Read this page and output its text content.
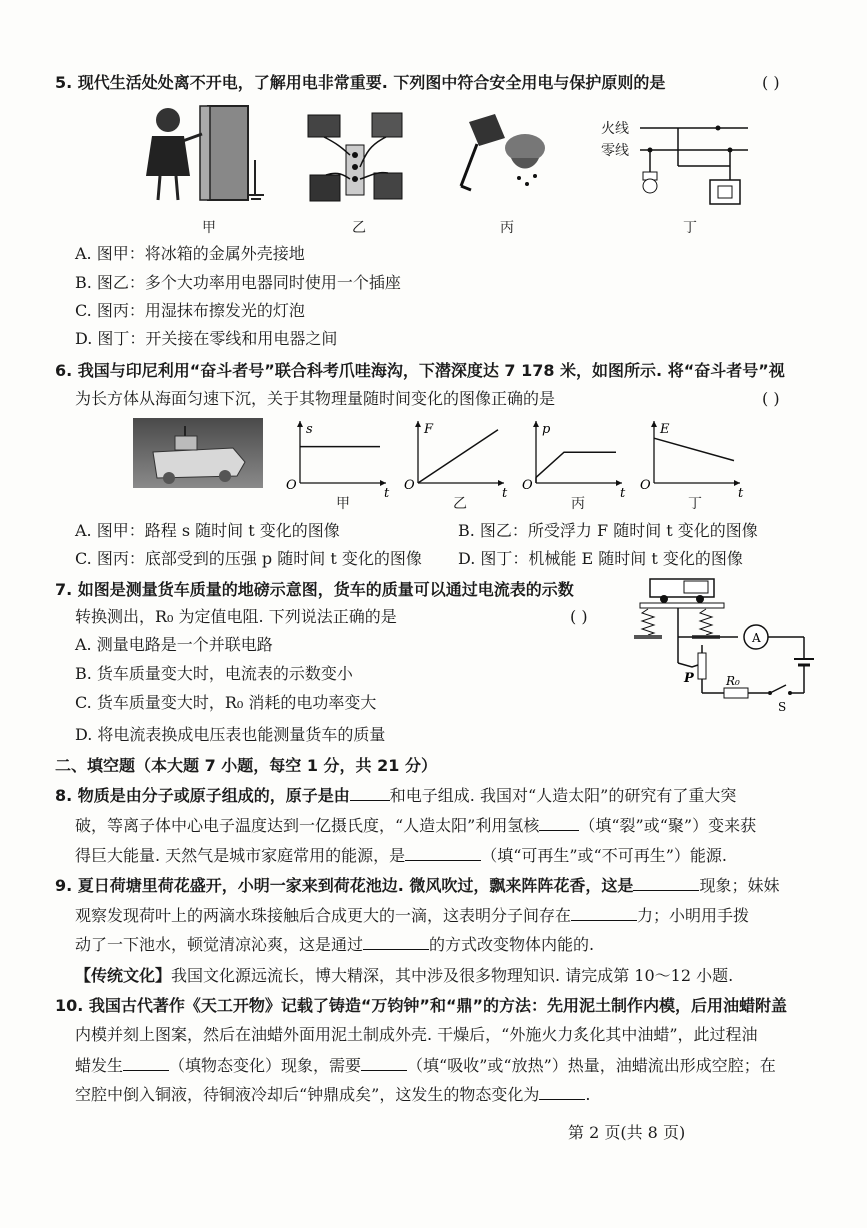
5. 现代生活处处离不开电，了解用电非常重要. 下列图中符合安全用电与保护原则的是	( )
甲	乙	丙
火线
零线
丁
A. 图甲：将冰箱的金属外壳接地
B. 图乙：多个大功率用电器同时使用一个插座
C. 图丙：用湿抹布擦发光的灯泡
D. 图丁：开关接在零线和用电器之间
6. 我国与印尼利用“奋斗者号”联合科考爪哇海沟，下潜深度达 7 178 米，如图所示. 将“奋斗者号”视
为长方体从海面匀速下沉，关于其物理量随时间变化的图像正确的是	( )
s
t
O
F
t
O
p
t
O
E
t
O
甲	乙	丙	丁
A. 图甲：路程 s 随时间 t 变化的图像	B. 图乙：所受浮力 F 随时间 t 变化的图像
C. 图丙：底部受到的压强 p 随时间 t 变化的图像 D. 图丁：机械能 E 随时间 t 变化的图像
7. 如图是测量货车质量的地磅示意图，货车的质量可以通过电流表的示数
转换测出，R₀ 为定值电阻. 下列说法正确的是	( )
A. 测量电路是一个并联电路
B. 货车质量变大时，电流表的示数变小
C. 货车质量变大时，R₀ 消耗的电功率变大
D. 将电流表换成电压表也能测量货车的质量
A
P	R₀
S
二、填空题（本大题 7 小题，每空 1 分，共 21 分）
8. 物质是由分子或原子组成的，原子是由	和电子组成. 我国对“人造太阳”的研究有了重大突
破，等离子体中心电子温度达到一亿摄氏度，“人造太阳”利用氢核	（填“裂”或“聚”）变来获
得巨大能量. 天然气是城市家庭常用的能源，是	（填“可再生”或“不可再生”）能源.
9. 夏日荷塘里荷花盛开，小明一家来到荷花池边. 微风吹过，飘来阵阵花香，这是	现象；妹妹
观察发现荷叶上的两滴水珠接触后合成更大的一滴，这表明分子间存在	力；小明用手拨
动了一下池水，顿觉清凉沁爽，这是通过	的方式改变物体内能的.
【传统文化】我国文化源远流长，博大精深，其中涉及很多物理知识. 请完成第 10～12 小题.
10. 我国古代著作《天工开物》记载了铸造“万钧钟”和“鼎”的方法：先用泥土制作内模，后用油蜡附盖
内模并刻上图案，然后在油蜡外面用泥土制成外壳. 干燥后，“外施火力炙化其中油蜡”，此过程油
蜡发生	（填物态变化）现象，需要	（填“吸收”或“放热”）热量，油蜡流出形成空腔；在
空腔中倒入铜液，待铜液冷却后“钟鼎成矣”，这发生的物态变化为	.
第 2 页(共 8 页)
